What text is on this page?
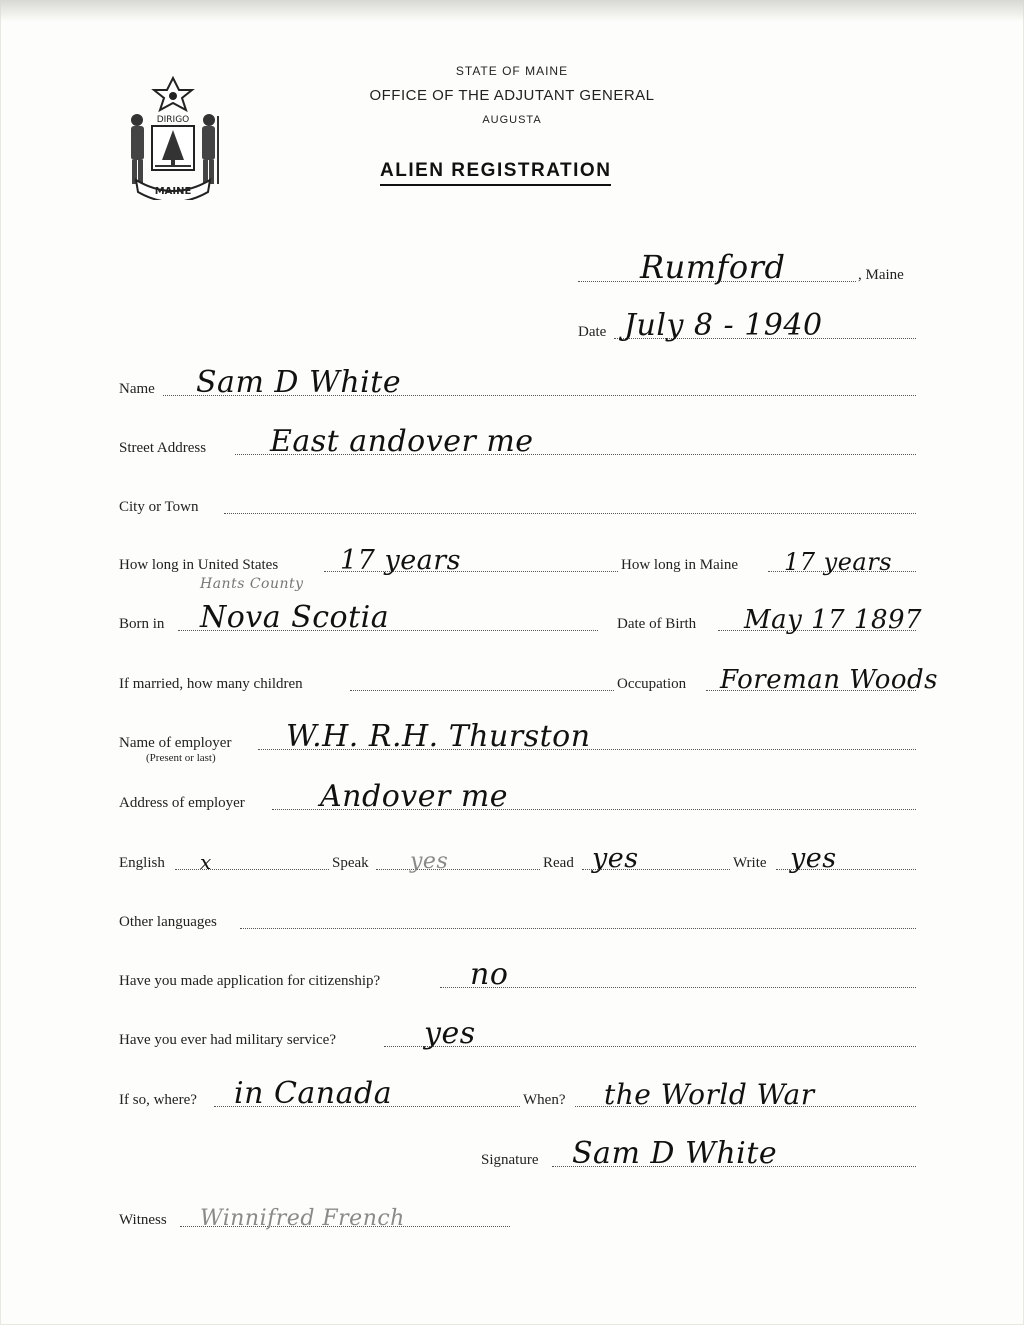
DIRIGO
MAINE
STATE OF MAINE
OFFICE OF THE ADJUTANT GENERAL
AUGUSTA
ALIEN REGISTRATION
Rumford	, Maine
Date July 8 - 1940
Name Sam D White
Street Address East andover me
City or Town
How long in United States 17 years	How long in Maine 17 years
Hants County
Born in Nova Scotia	Date of Birth May 17 1897
If married, how many children	Occupation Foreman Woods
Name of employer W.H. R.H. Thurston
(Present or last)
Address of employer	Andover me
English x	Speak yes	Read yes	Write yes
Other languages
Have you made application for citizenship?	no
Have you ever had military service?	yes
If so, where? in Canada	When? the World War
Signature Sam D White
Witness Winnifred French
